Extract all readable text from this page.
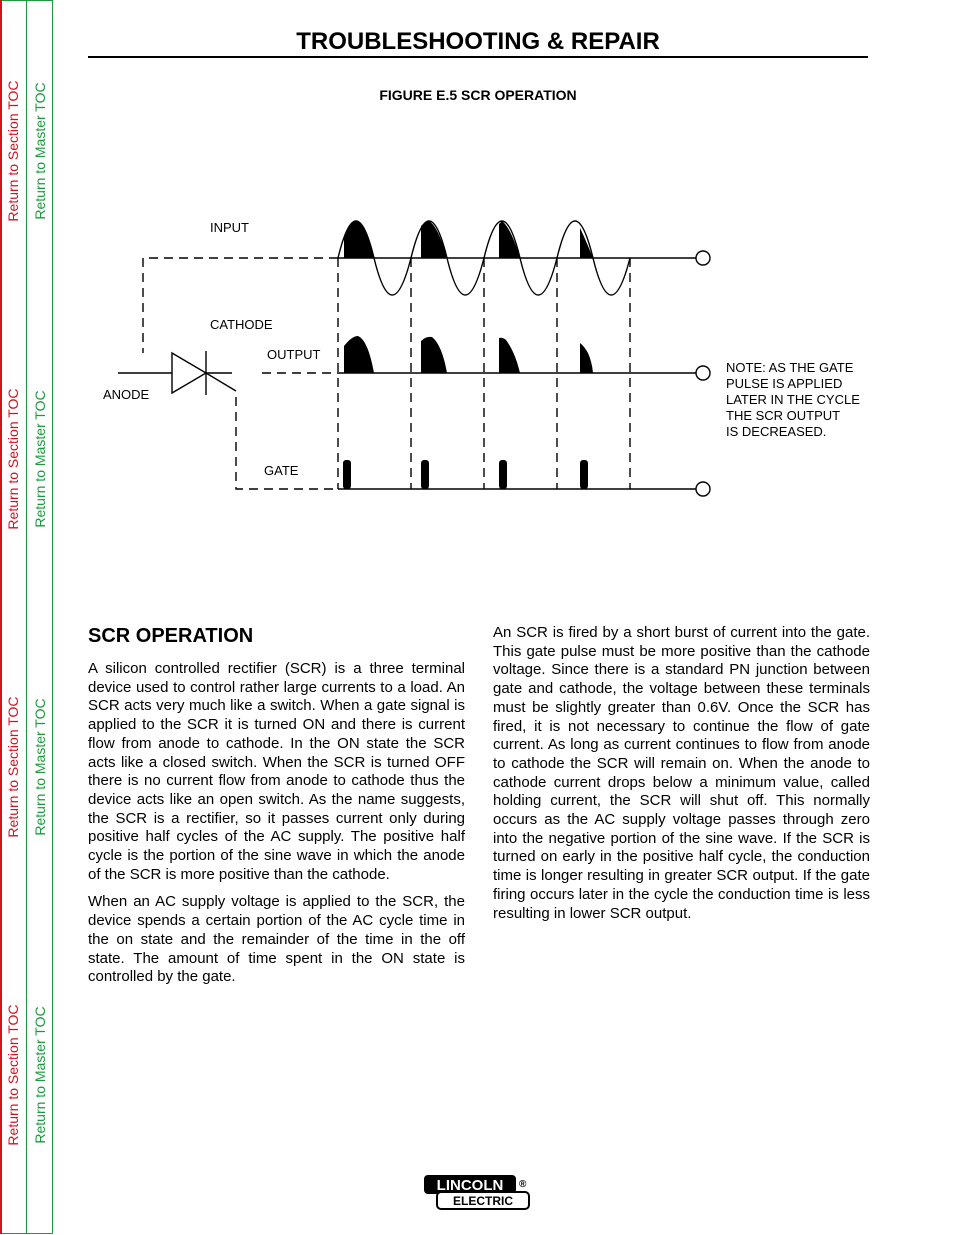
Return to Section TOC Return to Master TOC
Return to Section TOC Return to Master TOC
Return to Section TOC Return to Master TOC
Return to Section TOC Return to Master TOC
TROUBLESHOOTING & REPAIR
FIGURE E.5 SCR OPERATION
INPUT
CATHODE
OUTPUT
ANODE
GATE
NOTE: AS THE GATE
PULSE IS APPLIED
LATER IN THE CYCLE
THE SCR OUTPUT
IS DECREASED.
SCR OPERATION

A silicon controlled rectifier (SCR) is a three terminal device used to control rather large currents to a load. An SCR acts very much like a switch. When a gate signal is applied to the SCR it is turned ON and there is current flow from anode to cathode. In the ON state the SCR acts like a closed switch. When the SCR is turned OFF there is no current flow from anode to cathode thus the device acts like an open switch. As the name suggests, the SCR is a rectifier, so it passes current only during positive half cycles of the AC supply. The positive half cycle is the portion of the sine wave in which the anode of the SCR is more positive than the cathode.

When an AC supply voltage is applied to the SCR, the device spends a certain portion of the AC cycle time in the on state and the remainder of the time in the off state. The amount of time spent in the ON state is controlled by the gate.

An SCR is fired by a short burst of current into the gate. This gate pulse must be more positive than the cathode voltage. Since there is a standard PN junction between gate and cathode, the voltage between these terminals must be slightly greater than 0.6V. Once the SCR has fired, it is not necessary to continue the flow of gate current. As long as current continues to flow from anode to cathode the SCR will remain on. When the anode to cathode current drops below a minimum value, called holding current, the SCR will shut off. This normally occurs as the AC supply voltage passes through zero into the negative portion of the sine wave. If the SCR is turned on early in the positive half cycle, the conduction time is longer resulting in greater SCR output. If the gate firing occurs later in the cycle the conduction time is less resulting in lower SCR output.

LINCOLN
ELECTRIC
®
